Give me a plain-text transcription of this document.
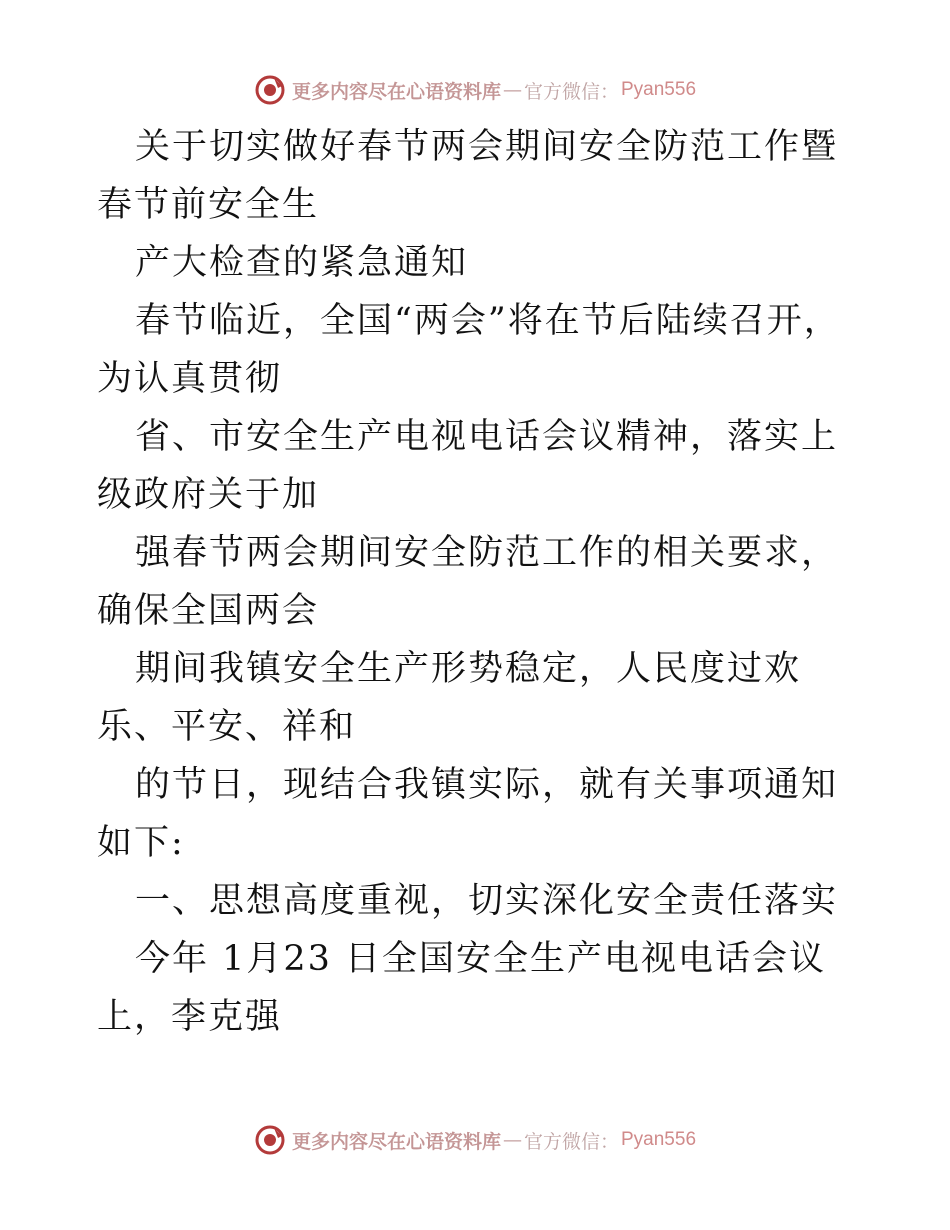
更多内容尽在心语资料库 — 官方微信： Pyan556

关于切实做好春节两会期间安全防范工作暨 春节前安全生

产大检查的紧急通知

春节临近，全国“两会”将在节后陆续召开，为认真贯彻

省、市安全生产电视电话会议精神，落实上级政府关于加

强春节两会期间安全防范工作的相关要求，确保全国两会

期间我镇安全生产形势稳定，人民度过欢乐、平安、祥和

的节日，现结合我镇实际，就有关事项通知如下:

一、思想高度重视，切实深化安全责任落实

今年 1月23 日全国安全生产电视电话会议上，李克强

更多内容尽在心语资料库 — 官方微信： Pyan556
